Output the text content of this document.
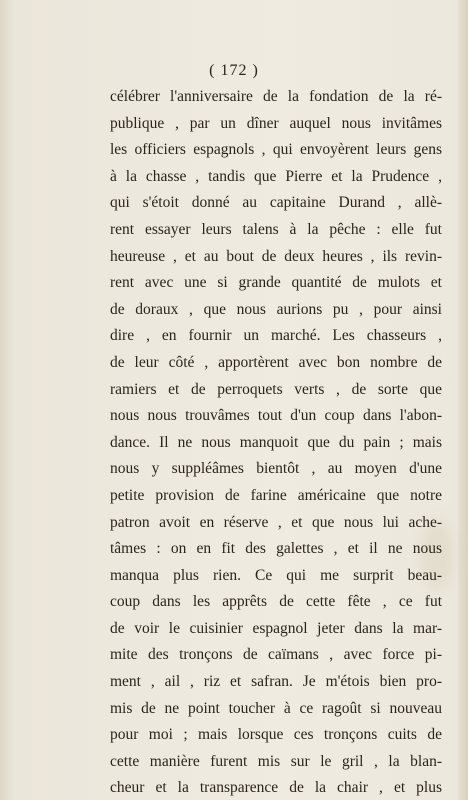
( 172 )
célébrer l'anniversaire de la fondation de la ré-
publique , par un dîner auquel nous invitâmes
les officiers espagnols , qui envoyèrent leurs gens
à la chasse , tandis que Pierre et la Prudence ,
qui s'étoit donné au capitaine Durand , allè-
rent essayer leurs talens à la pêche : elle fut
heureuse , et au bout de deux heures , ils revin-
rent avec une si grande quantité de mulots et
de doraux , que nous aurions pu , pour ainsi
dire , en fournir un marché. Les chasseurs ,
de leur côté , apportèrent avec bon nombre de
ramiers et de perroquets verts , de sorte que
nous nous trouvâmes tout d'un coup dans l'abon-
dance. Il ne nous manquoit que du pain ; mais
nous y suppléâmes bientôt , au moyen d'une
petite provision de farine américaine que notre
patron avoit en réserve , et que nous lui ache-
tâmes : on en fit des galettes , et il ne nous
manqua plus rien. Ce qui me surprit beau-
coup dans les apprêts de cette fête , ce fut
de voir le cuisinier espagnol jeter dans la mar-
mite des tronçons de caïmans , avec force pi-
ment , ail , riz et safran. Je m'étois bien pro-
mis de ne point toucher à ce ragoût si nouveau
pour moi ; mais lorsque ces tronçons cuits de
cette manière furent mis sur le gril , la blan-
cheur et la transparence de la chair , et plus
